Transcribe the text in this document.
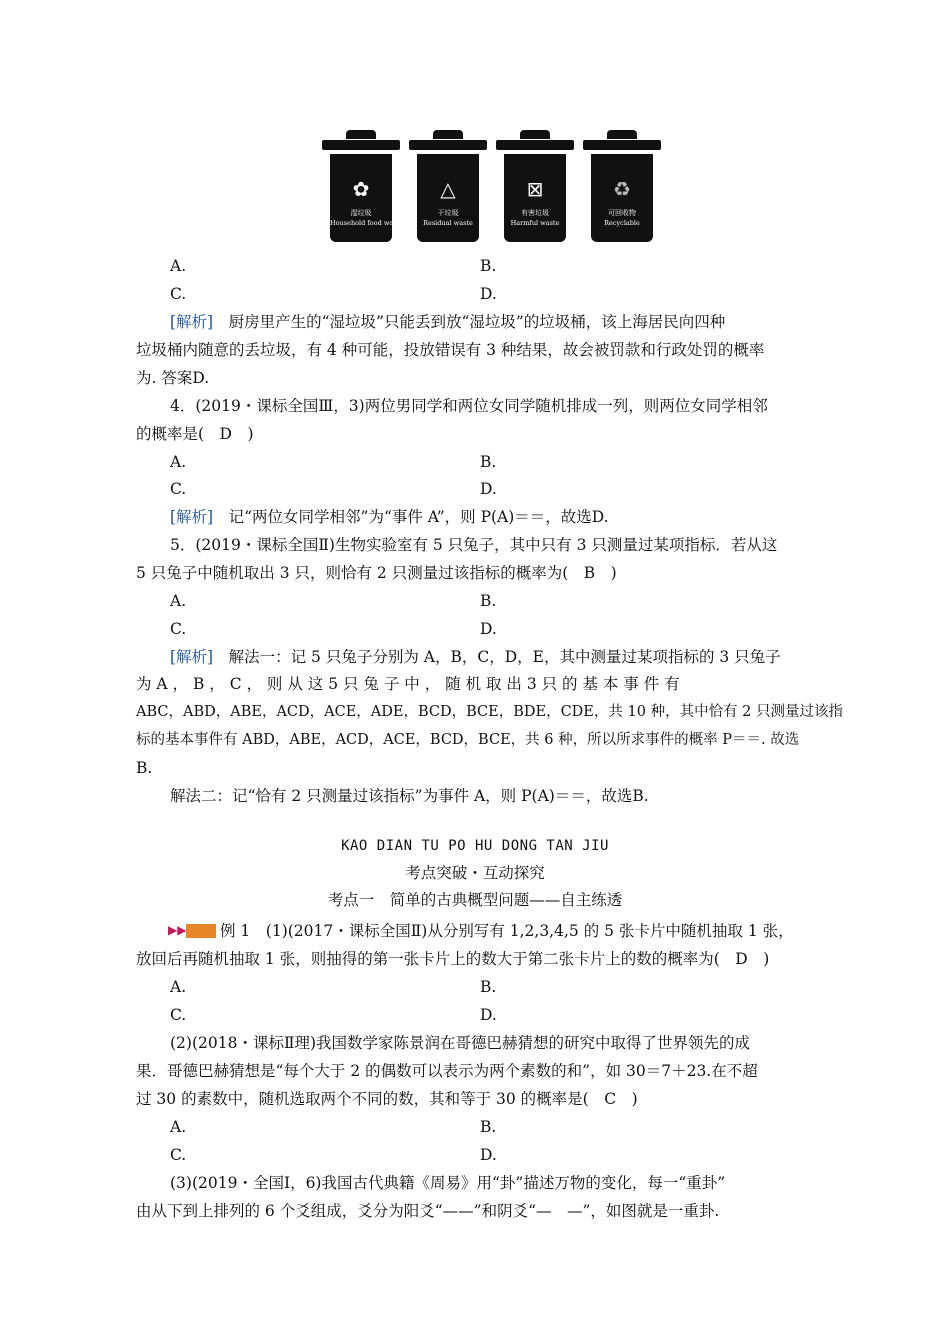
✿
湿垃圾
Household food waste
△
干垃圾
Residual waste
⊠
有害垃圾
Harmful waste
♻
可回收物
Recyclable
A.	B.
C.	D.
[解析]　厨房里产生的“湿垃圾”只能丢到放“湿垃圾”的垃圾桶，该上海居民向四种
垃圾桶内随意的丢垃圾，有 4 种可能，投放错误有 3 种结果，故会被罚款和行政处罚的概率
为. 答案D.
4．(2019・课标全国Ⅲ，3)两位男同学和两位女同学随机排成一列，则两位女同学相邻
的概率是(　D　)
A.	B.
C.	D.
[解析]　记“两位女同学相邻”为“事件 A”，则 P(A)＝＝，故选D.
5．(2019・课标全国Ⅱ)生物实验室有 5 只兔子，其中只有 3 只测量过某项指标．若从这
5 只兔子中随机取出 3 只，则恰有 2 只测量过该指标的概率为(　B　)
A.	B.
C.	D.
[解析]　解法一：记 5 只兔子分别为 A，B，C，D，E，其中测量过某项指标的 3 只兔子
为 A ， B ， C ， 则 从 这 5 只 兔 子 中 ， 随 机 取 出 3 只 的 基 本 事 件 有
ABC，ABD，ABE，ACD，ACE，ADE，BCD，BCE，BDE，CDE，共 10 种，其中恰有 2 只测量过该指
标的基本事件有 ABD，ABE，ACD，ACE，BCD，BCE，共 6 种，所以所求事件的概率 P＝＝. 故选
B.
解法二：记“恰有 2 只测量过该指标”为事件 A，则 P(A)＝＝，故选B.
KAO DIAN TU PO HU DONG TAN JIU
考点突破・互动探究
考点一　简单的古典概型问题——自主练透
▶▶ 例 1　(1)(2017・课标全国Ⅱ)从分别写有 1,2,3,4,5 的 5 张卡片中随机抽取 1 张，
放回后再随机抽取 1 张，则抽得的第一张卡片上的数大于第二张卡片上的数的概率为(　D　)
A.	B.
C.	D.
(2)(2018・课标Ⅱ理)我国数学家陈景润在哥德巴赫猜想的研究中取得了世界领先的成
果．哥德巴赫猜想是“每个大于 2 的偶数可以表示为两个素数的和”，如 30＝7＋23.在不超
过 30 的素数中，随机选取两个不同的数，其和等于 30 的概率是(　C　)
A.	B.
C.	D.
(3)(2019・全国Ⅰ，6)我国古代典籍《周易》用“卦”描述万物的变化，每一“重卦”
由从下到上排列的 6 个爻组成，爻分为阳爻“——”和阴爻“—　—”，如图就是一重卦.
